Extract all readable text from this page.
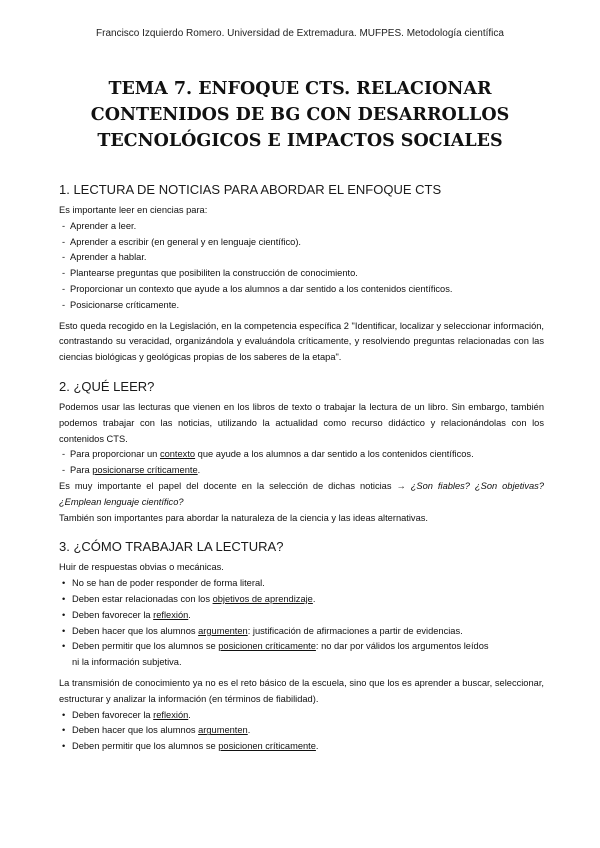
Francisco Izquierdo Romero. Universidad de Extremadura. MUFPES. Metodología científica
TEMA 7. ENFOQUE CTS. RELACIONAR
CONTENIDOS DE BG CON DESARROLLOS
TECNOLÓGICOS E IMPACTOS SOCIALES
1. LECTURA DE NOTICIAS PARA ABORDAR EL ENFOQUE CTS

Es importante leer en ciencias para:

- Aprender a leer.
- Aprender a escribir (en general y en lenguaje científico).
- Aprender a hablar.
- Plantearse preguntas que posibiliten la construcción de conocimiento.
- Proporcionar un contexto que ayude a los alumnos a dar sentido a los contenidos científicos.
- Posicionarse críticamente.

Esto queda recogido en la Legislación, en la competencia específica 2 "Identificar, localizar y seleccionar información, contrastando su veracidad, organizándola y evaluándola críticamente, y resolviendo preguntas relacionadas con las ciencias biológicas y geológicas propias de los saberes de la etapa".

2. ¿QUÉ LEER?

Podemos usar las lecturas que vienen en los libros de texto o trabajar la lectura de un libro. Sin embargo, también podemos trabajar con las noticias, utilizando la actualidad como recurso didáctico y relacionándolas con los contenidos CTS.

- Para proporcionar un contexto que ayude a los alumnos a dar sentido a los contenidos científicos.
- Para posicionarse críticamente.

Es muy importante el papel del docente en la selección de dichas noticias → ¿Son fiables? ¿Son objetivas? ¿Emplean lenguaje científico?

También son importantes para abordar la naturaleza de la ciencia y las ideas alternativas.

3. ¿CÓMO TRABAJAR LA LECTURA?

Huir de respuestas obvias o mecánicas.

• No se han de poder responder de forma literal.
• Deben estar relacionadas con los objetivos de aprendizaje.
• Deben favorecer la reflexión.
• Deben hacer que los alumnos argumenten: justificación de afirmaciones a partir de evidencias.
• Deben permitir que los alumnos se posicionen críticamente: no dar por válidos los argumentos leídos
ni la información subjetiva.

La transmisión de conocimiento ya no es el reto básico de la escuela, sino que los es aprender a buscar, seleccionar, estructurar y analizar la información (en términos de fiabilidad).

• Deben favorecer la reflexión.
• Deben hacer que los alumnos argumenten.
• Deben permitir que los alumnos se posicionen críticamente.
